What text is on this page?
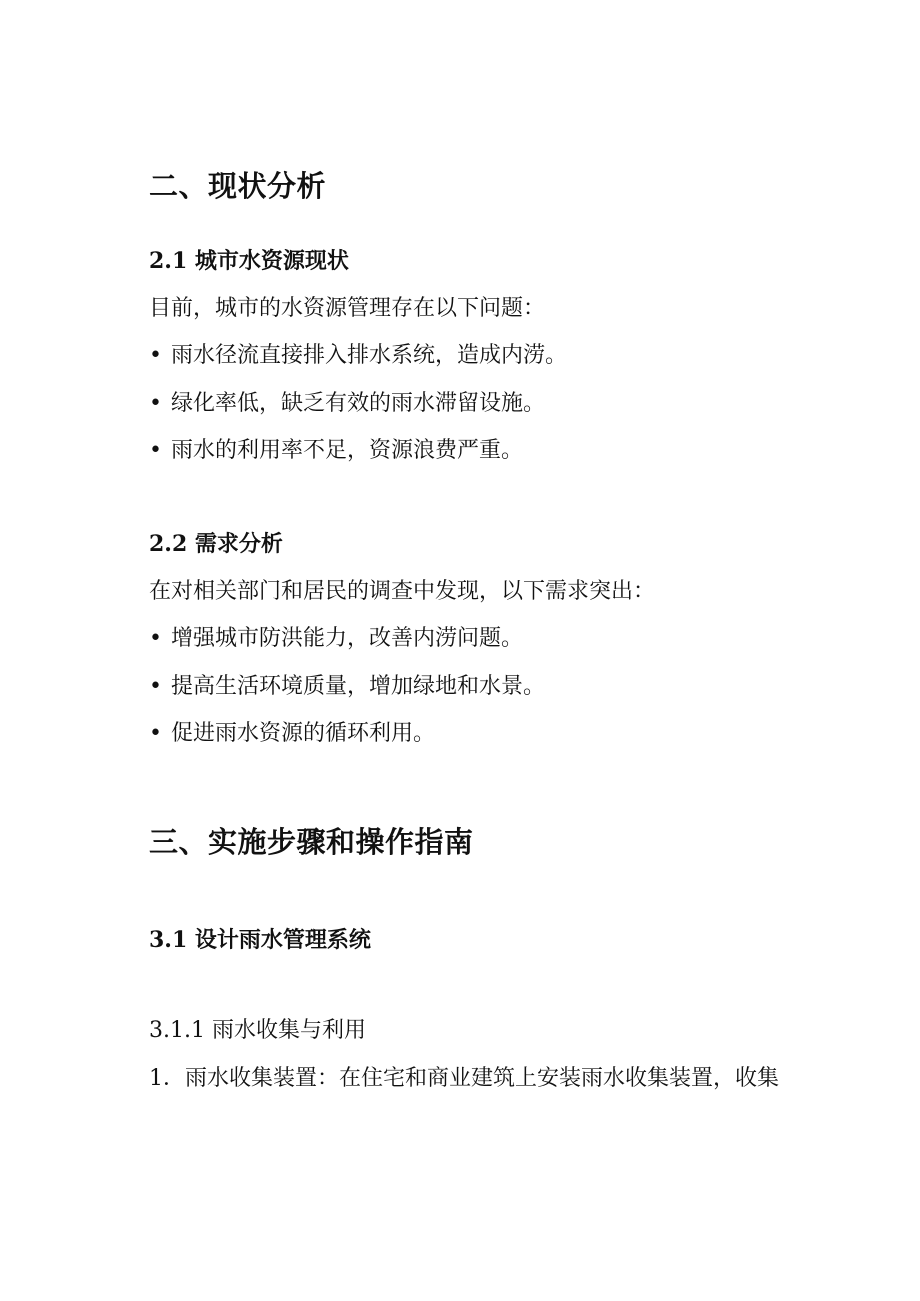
二、现状分析
2.1 城市水资源现状

目前，城市的水资源管理存在以下问题：

• 雨水径流直接排入排水系统，造成内涝。
• 绿化率低，缺乏有效的雨水滞留设施。
• 雨水的利用率不足，资源浪费严重。
2.2 需求分析

在对相关部门和居民的调查中发现，以下需求突出：

• 增强城市防洪能力，改善内涝问题。
• 提高生活环境质量，增加绿地和水景。
• 促进雨水资源的循环利用。
三、实施步骤和操作指南
3.1 设计雨水管理系统
3.1.1 雨水收集与利用

1．雨水收集装置：在住宅和商业建筑上安装雨水收集装置，收集
